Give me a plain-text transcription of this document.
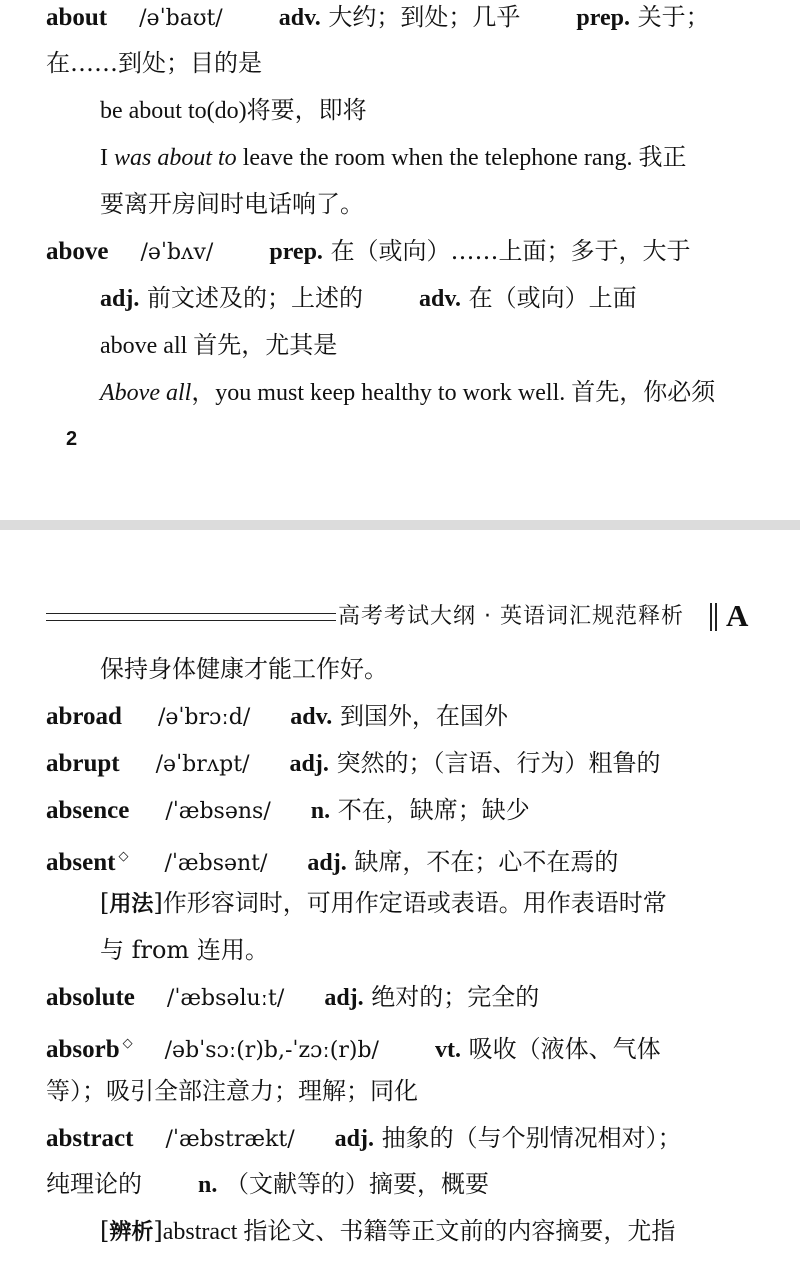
about /əˈbaʊt/ adv. 大约；到处；几乎 prep. 关于；
在……到处；目的是
be about to(do)将要，即将
I was about to leave the room when the telephone rang. 我正
要离开房间时电话响了。
above /əˈbʌv/ prep. 在（或向）……上面；多于，大于
adj. 前文述及的；上述的 adv. 在（或向）上面
above all 首先，尤其是
Above all，you must keep healthy to work well. 首先，你必须
2
高考考试大纲 · 英语词汇规范释析 A
保持身体健康才能工作好。
abroad /əˈbrɔːd/ adv. 到国外，在国外
abrupt /əˈbrʌpt/ adj. 突然的；（言语、行为）粗鲁的
absence /ˈæbsəns/ n. 不在，缺席；缺少
absent ◇ /ˈæbsənt/ adj. 缺席，不在；心不在焉的
[用法]作形容词时，可用作定语或表语。用作表语时常
与 from 连用。
absolute /ˈæbsəluːt/ adj. 绝对的；完全的
absorb ◇ /əbˈsɔː(r)b,-ˈzɔː(r)b/ vt. 吸收（液体、气体
等）；吸引全部注意力；理解；同化
abstract /ˈæbstrækt/ adj. 抽象的（与个别情况相对）；
纯理论的 n. （文献等的）摘要，概要
[辨析]abstract 指论文、书籍等正文前的内容摘要，尤指
